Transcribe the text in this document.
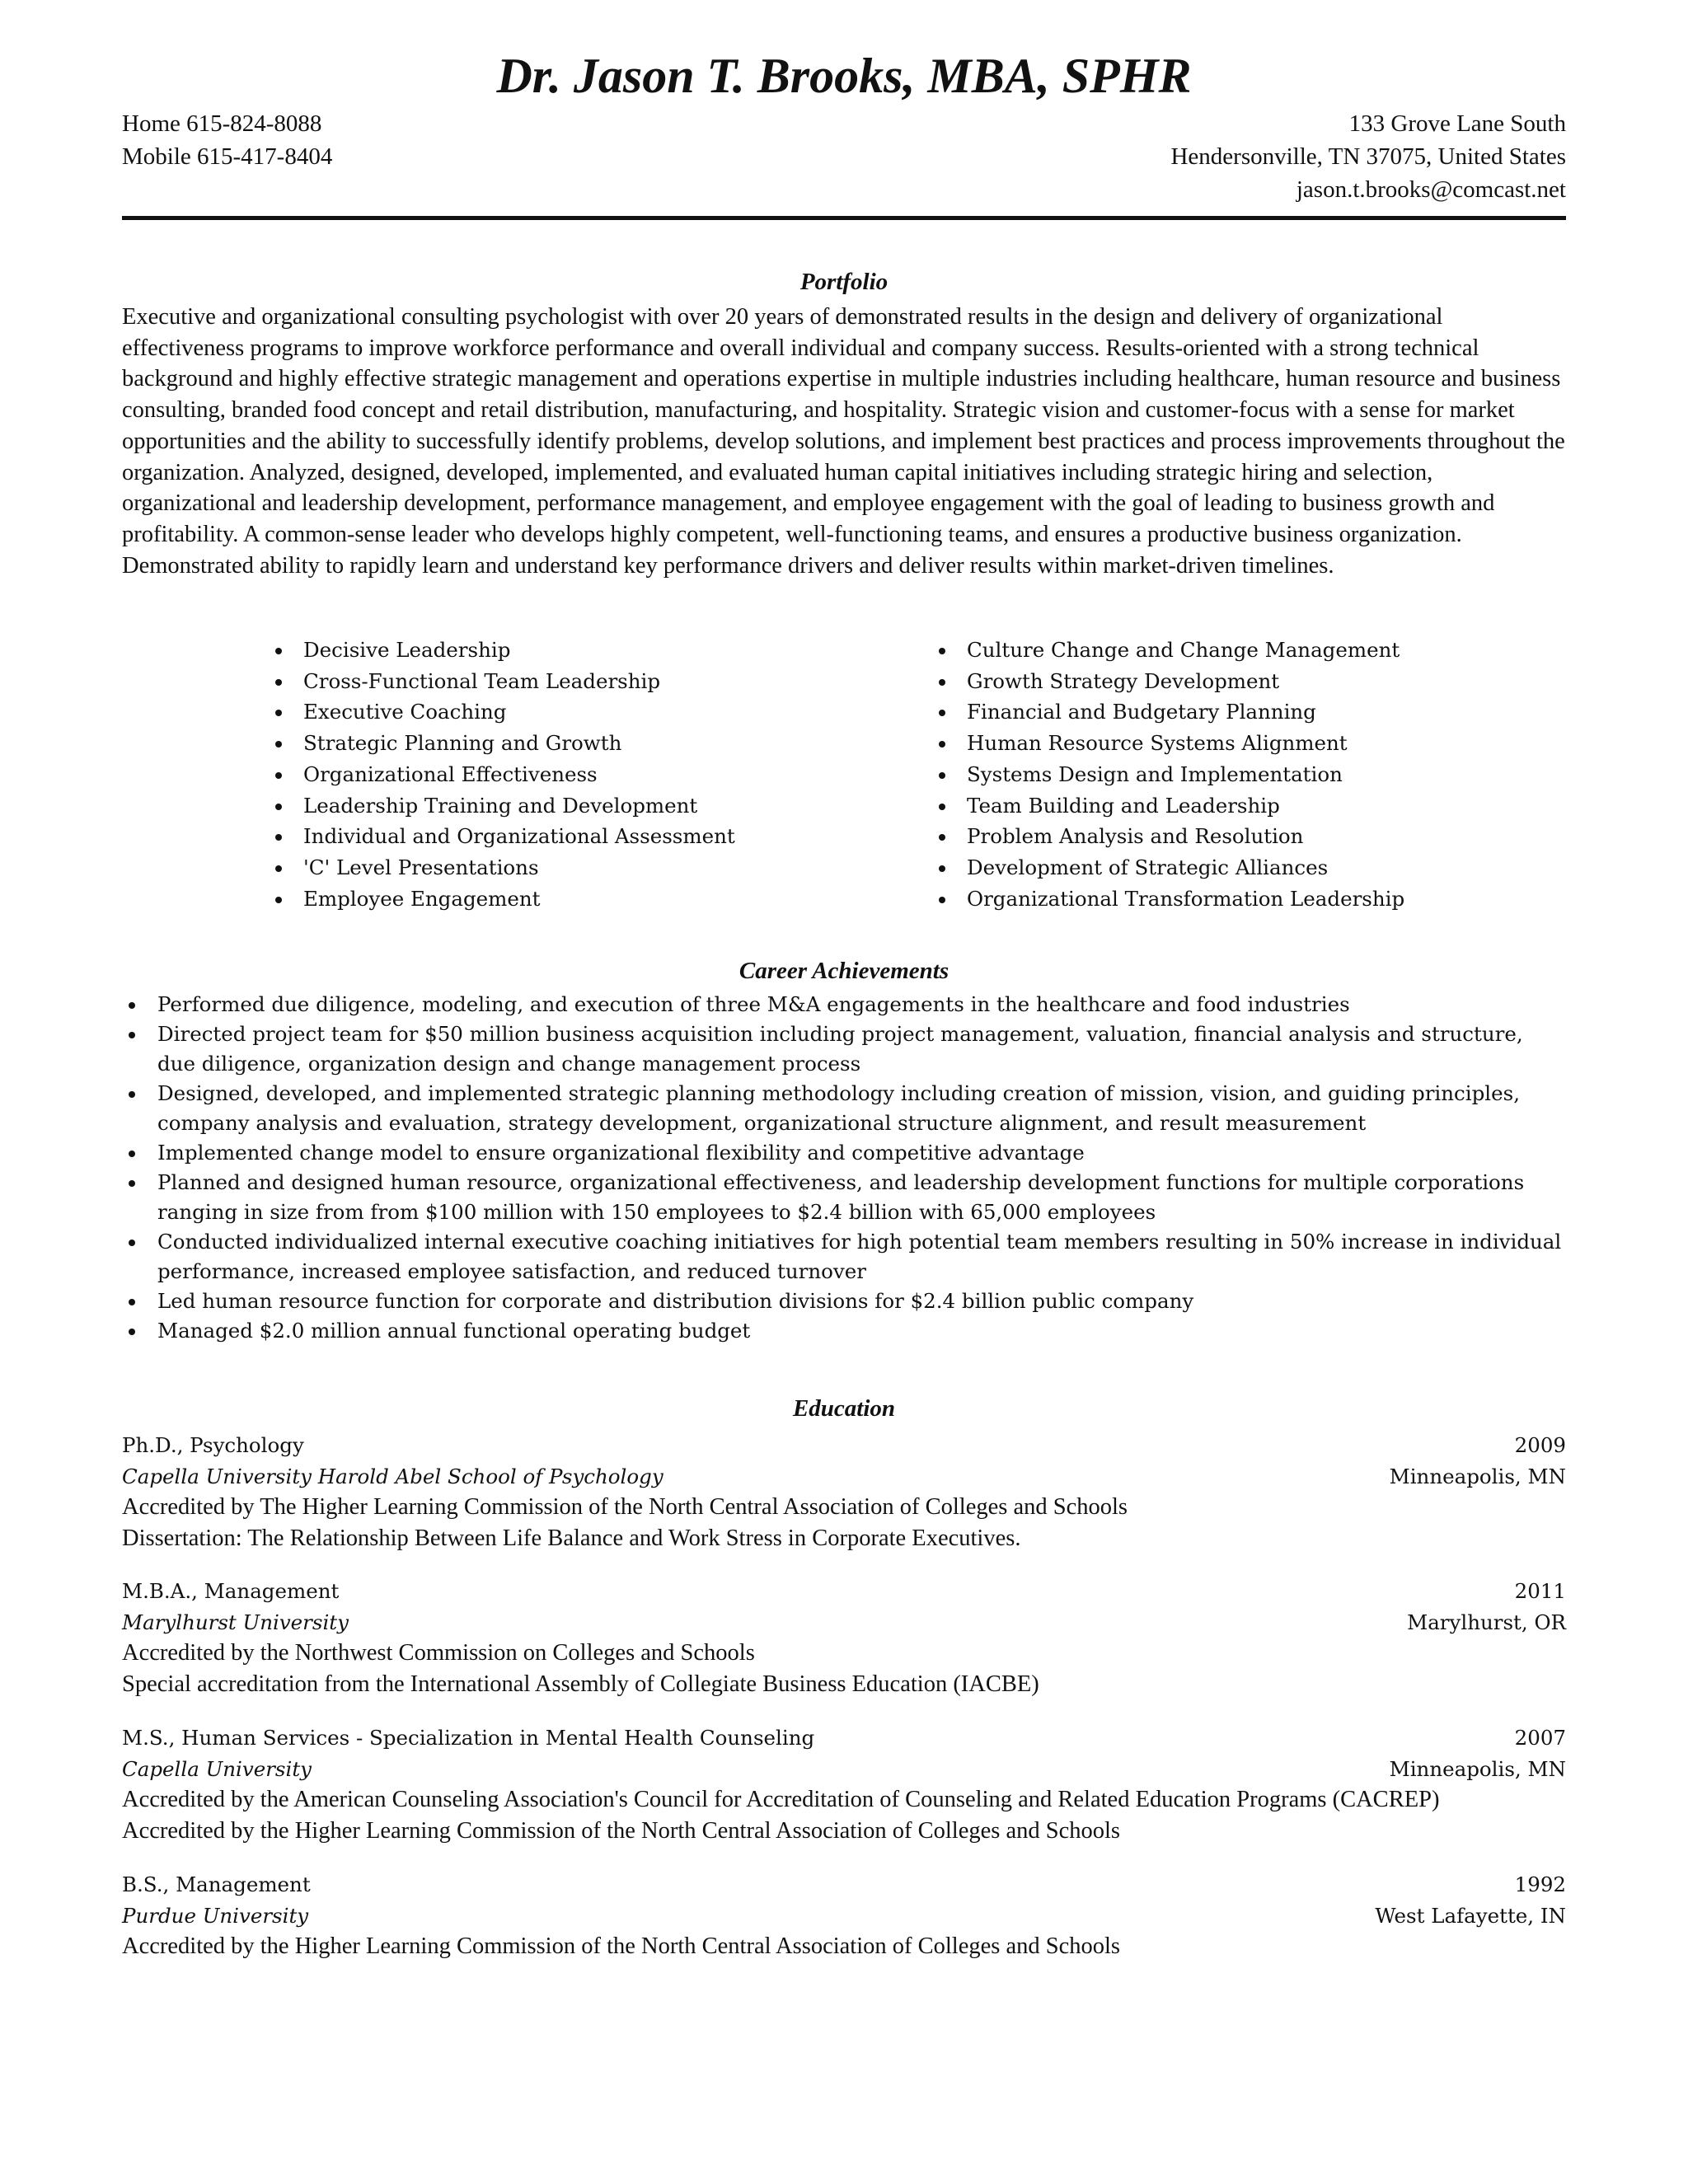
Dr. Jason T. Brooks, MBA, SPHR
Home 615-824-8088
Mobile 615-417-8404
133 Grove Lane South
Hendersonville, TN 37075, United States
jason.t.brooks@comcast.net
Portfolio

Executive and organizational consulting psychologist with over 20 years of demonstrated results in the design and delivery of organizational effectiveness programs to improve workforce performance and overall individual and company success. Results-oriented with a strong technical background and highly effective strategic management and operations expertise in multiple industries including healthcare, human resource and business consulting, branded food concept and retail distribution, manufacturing, and hospitality. Strategic vision and customer-focus with a sense for market opportunities and the ability to successfully identify problems, develop solutions, and implement best practices and process improvements throughout the organization. Analyzed, designed, developed, implemented, and evaluated human capital initiatives including strategic hiring and selection, organizational and leadership development, performance management, and employee engagement with the goal of leading to business growth and profitability. A common-sense leader who develops highly competent, well-functioning teams, and ensures a productive business organization. Demonstrated ability to rapidly learn and understand key performance drivers and deliver results within market-driven timelines.

Decisive Leadership
Cross-Functional Team Leadership
Executive Coaching
Strategic Planning and Growth
Organizational Effectiveness
Leadership Training and Development
Individual and Organizational Assessment
'C' Level Presentations
Employee Engagement
Culture Change and Change Management
Growth Strategy Development
Financial and Budgetary Planning
Human Resource Systems Alignment
Systems Design and Implementation
Team Building and Leadership
Problem Analysis and Resolution
Development of Strategic Alliances
Organizational Transformation Leadership
Career Achievements
Performed due diligence, modeling, and execution of three M&A engagements in the healthcare and food industries
Directed project team for $50 million business acquisition including project management, valuation, financial analysis and structure, due diligence, organization design and change management process
Designed, developed, and implemented strategic planning methodology including creation of mission, vision, and guiding principles, company analysis and evaluation, strategy development, organizational structure alignment, and result measurement
Implemented change model to ensure organizational flexibility and competitive advantage
Planned and designed human resource, organizational effectiveness, and leadership development functions for multiple corporations ranging in size from from $100 million with 150 employees to $2.4 billion with 65,000 employees
Conducted individualized internal executive coaching initiatives for high potential team members resulting in 50% increase in individual performance, increased employee satisfaction, and reduced turnover
Led human resource function for corporate and distribution divisions for $2.4 billion public company
Managed $2.0 million annual functional operating budget
Education
Ph.D., Psychology	2009
Capella University Harold Abel School of Psychology	Minneapolis, MN
Accredited by The Higher Learning Commission of the North Central Association of Colleges and Schools
Dissertation: The Relationship Between Life Balance and Work Stress in Corporate Executives.
M.B.A., Management	2011
Marylhurst University	Marylhurst, OR
Accredited by the Northwest Commission on Colleges and Schools
Special accreditation from the International Assembly of Collegiate Business Education (IACBE)
M.S., Human Services - Specialization in Mental Health Counseling	2007
Capella University	Minneapolis, MN
Accredited by the American Counseling Association's Council for Accreditation of Counseling and Related Education Programs (CACREP)
Accredited by the Higher Learning Commission of the North Central Association of Colleges and Schools
B.S., Management	1992
Purdue University	West Lafayette, IN
Accredited by the Higher Learning Commission of the North Central Association of Colleges and Schools
